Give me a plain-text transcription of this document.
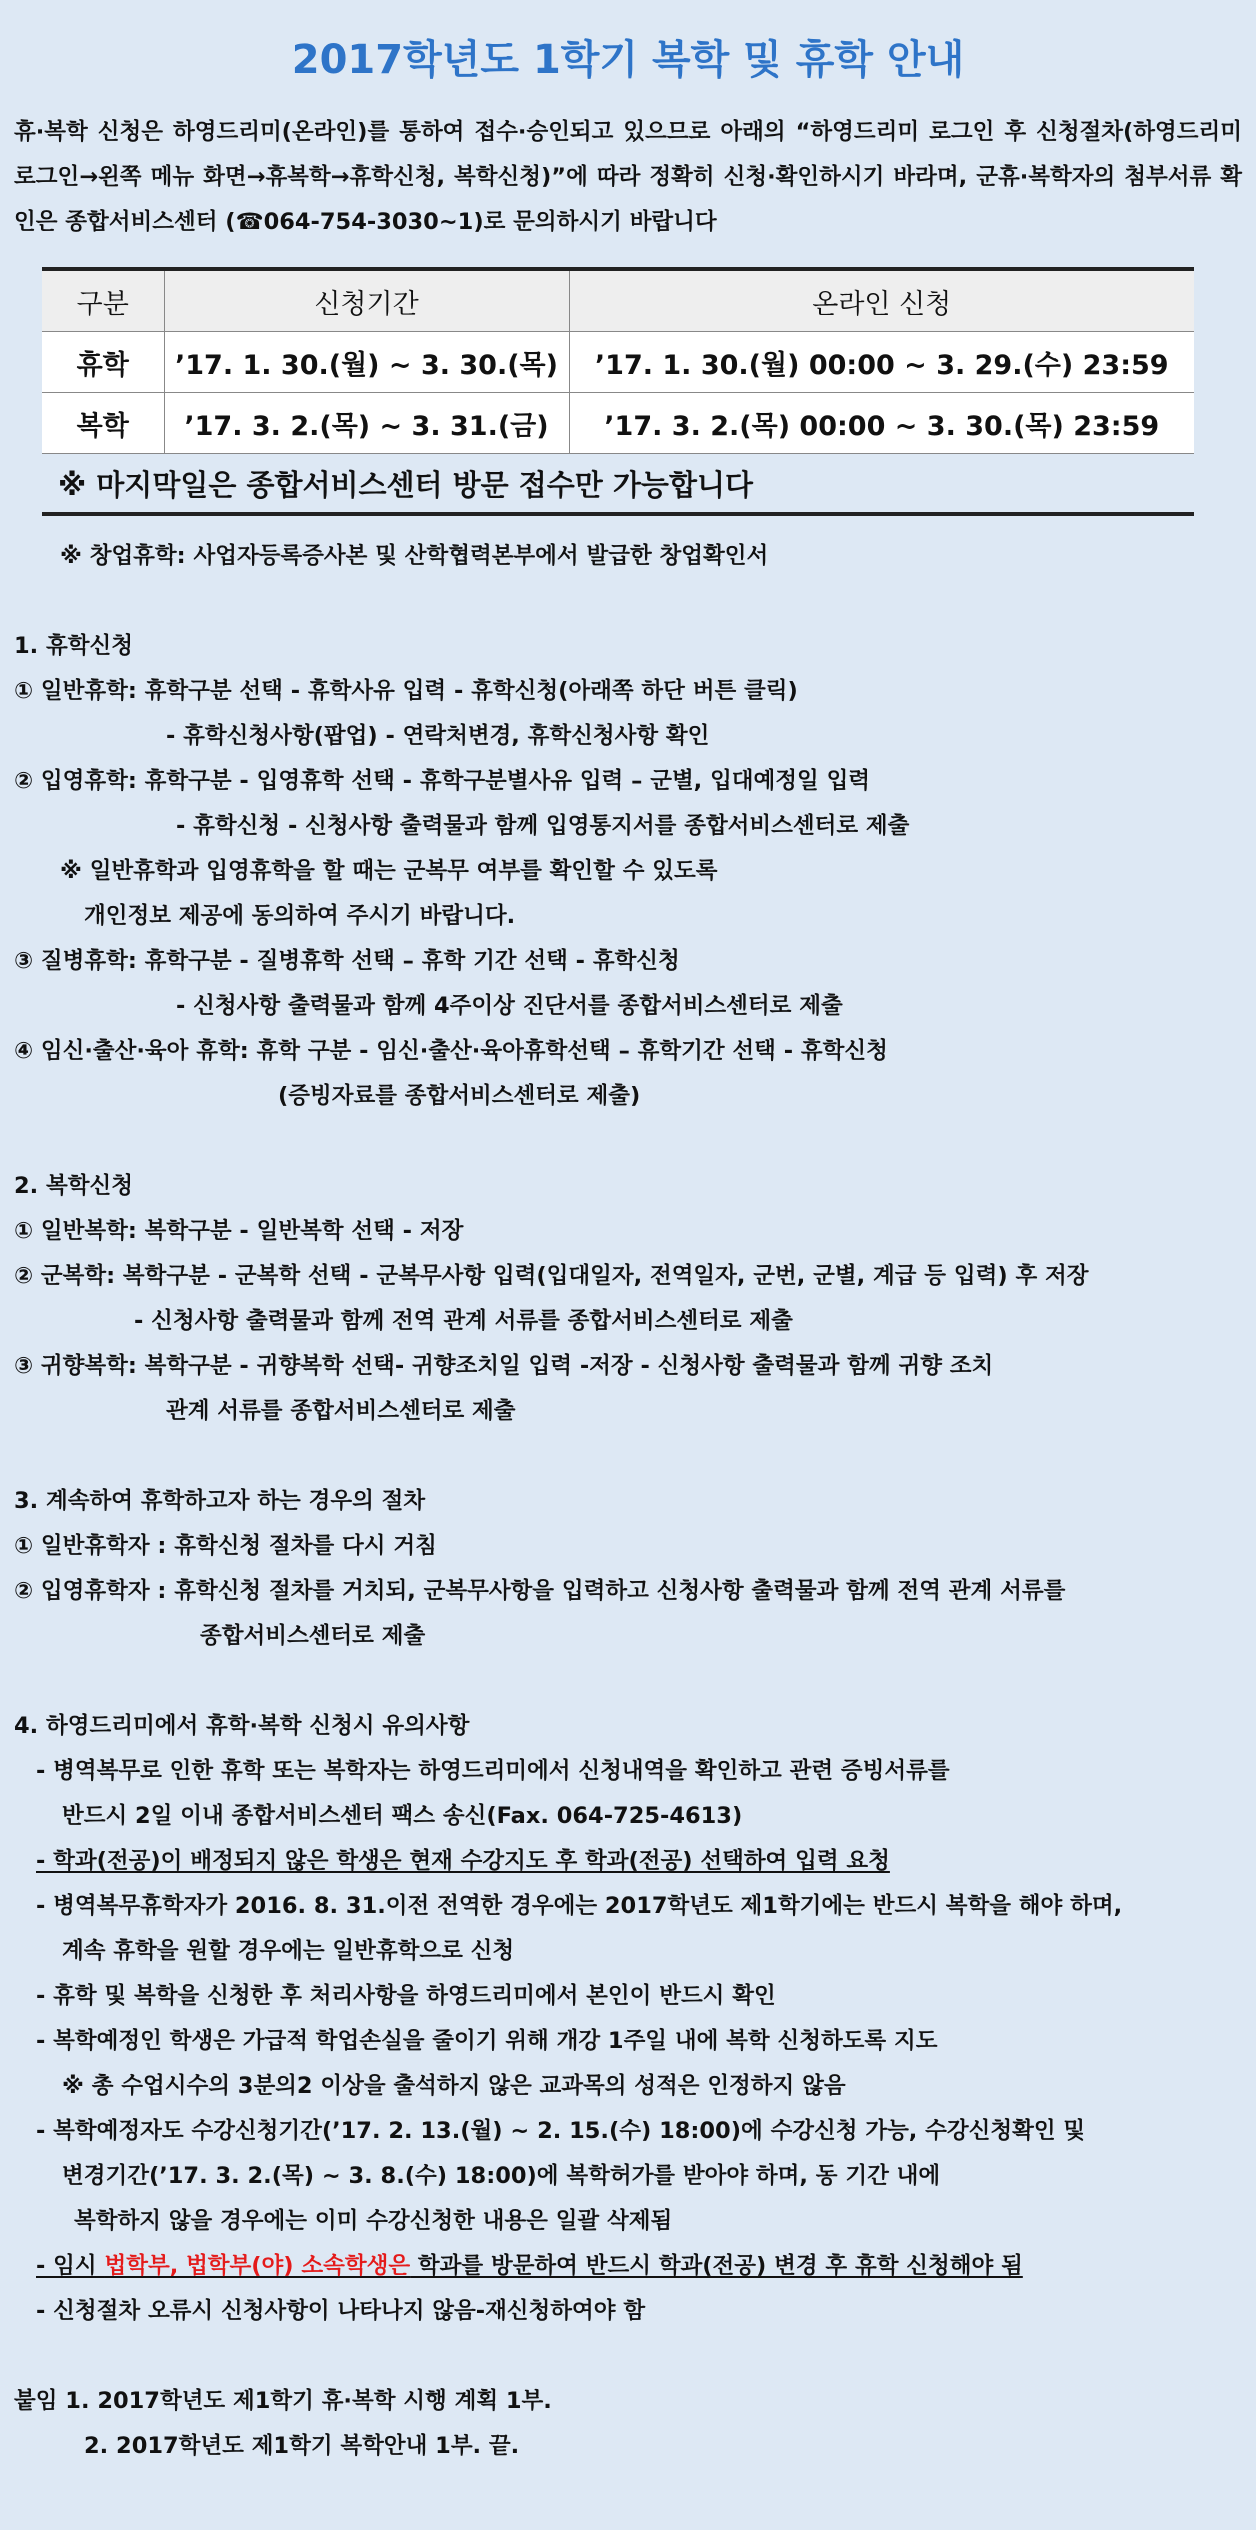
2017학년도 1학기 복학 및 휴학 안내
휴·복학 신청은 하영드리미(온라인)를 통하여 접수·승인되고 있으므로 아래의 “하영드리미 로그인 후 신청절차(하영드리미 로그인→왼쪽 메뉴 화면→휴복학→휴학신청, 복학신청)”에 따라 정확히 신청·확인하시기 바라며, 군휴·복학자의 첨부서류 확인은 종합서비스센터 (☎064-754-3030~1)로 문의하시기 바랍니다
구분	신청기간	온라인 신청
휴학	’17. 1. 30.(월) ~ 3. 30.(목)	’17. 1. 30.(월) 00:00 ~ 3. 29.(수) 23:59
복학	’17. 3. 2.(목) ~ 3. 31.(금)	’17. 3. 2.(목) 00:00 ~ 3. 30.(목) 23:59
※ 마지막일은 종합서비스센터 방문 접수만 가능합니다
※ 창업휴학: 사업자등록증사본 및 산학협력본부에서 발급한 창업확인서
1. 휴학신청
① 일반휴학: 휴학구분 선택 - 휴학사유 입력 - 휴학신청(아래쪽 하단 버튼 클릭)
- 휴학신청사항(팝업) - 연락처변경, 휴학신청사항 확인
② 입영휴학: 휴학구분 - 입영휴학 선택 - 휴학구분별사유 입력 – 군별, 입대예정일 입력
- 휴학신청 - 신청사항 출력물과 함께 입영통지서를 종합서비스센터로 제출
※ 일반휴학과 입영휴학을 할 때는 군복무 여부를 확인할 수 있도록
개인정보 제공에 동의하여 주시기 바랍니다.
③ 질병휴학: 휴학구분 - 질병휴학 선택 – 휴학 기간 선택 - 휴학신청
- 신청사항 출력물과 함께 4주이상 진단서를 종합서비스센터로 제출
④ 임신·출산·육아 휴학: 휴학 구분 - 임신·출산·육아휴학선택 – 휴학기간 선택 - 휴학신청
(증빙자료를 종합서비스센터로 제출)
2. 복학신청
① 일반복학: 복학구분 - 일반복학 선택 - 저장
② 군복학: 복학구분 - 군복학 선택 - 군복무사항 입력(입대일자, 전역일자, 군번, 군별, 계급 등 입력) 후 저장
- 신청사항 출력물과 함께 전역 관계 서류를 종합서비스센터로 제출
③ 귀향복학: 복학구분 - 귀향복학 선택- 귀향조치일 입력 -저장 - 신청사항 출력물과 함께 귀향 조치
관계 서류를 종합서비스센터로 제출
3. 계속하여 휴학하고자 하는 경우의 절차
① 일반휴학자 : 휴학신청 절차를 다시 거침
② 입영휴학자 : 휴학신청 절차를 거치되, 군복무사항을 입력하고 신청사항 출력물과 함께 전역 관계 서류를
종합서비스센터로 제출
4. 하영드리미에서 휴학·복학 신청시 유의사항
- 병역복무로 인한 휴학 또는 복학자는 하영드리미에서 신청내역을 확인하고 관련 증빙서류를
반드시 2일 이내 종합서비스센터 팩스 송신(Fax. 064-725-4613)
- 학과(전공)이 배정되지 않은 학생은 현재 수강지도 후 학과(전공) 선택하여 입력 요청
- 병역복무휴학자가 2016. 8. 31.이전 전역한 경우에는 2017학년도 제1학기에는 반드시 복학을 해야 하며,
계속 휴학을 원할 경우에는 일반휴학으로 신청
- 휴학 및 복학을 신청한 후 처리사항을 하영드리미에서 본인이 반드시 확인
- 복학예정인 학생은 가급적 학업손실을 줄이기 위해 개강 1주일 내에 복학 신청하도록 지도
※ 총 수업시수의 3분의2 이상을 출석하지 않은 교과목의 성적은 인정하지 않음
- 복학예정자도 수강신청기간(’17. 2. 13.(월) ~ 2. 15.(수) 18:00)에 수강신청 가능, 수강신청확인 및
변경기간(’17. 3. 2.(목) ~ 3. 8.(수) 18:00)에 복학허가를 받아야 하며, 동 기간 내에
복학하지 않을 경우에는 이미 수강신청한 내용은 일괄 삭제됨
- 임시 법학부, 법학부(야) 소속학생은 학과를 방문하여 반드시 학과(전공) 변경 후 휴학 신청해야 됨
- 신청절차 오류시 신청사항이 나타나지 않음-재신청하여야 함
붙임 1. 2017학년도 제1학기 휴·복학 시행 계획 1부.
2. 2017학년도 제1학기 복학안내 1부. 끝.
